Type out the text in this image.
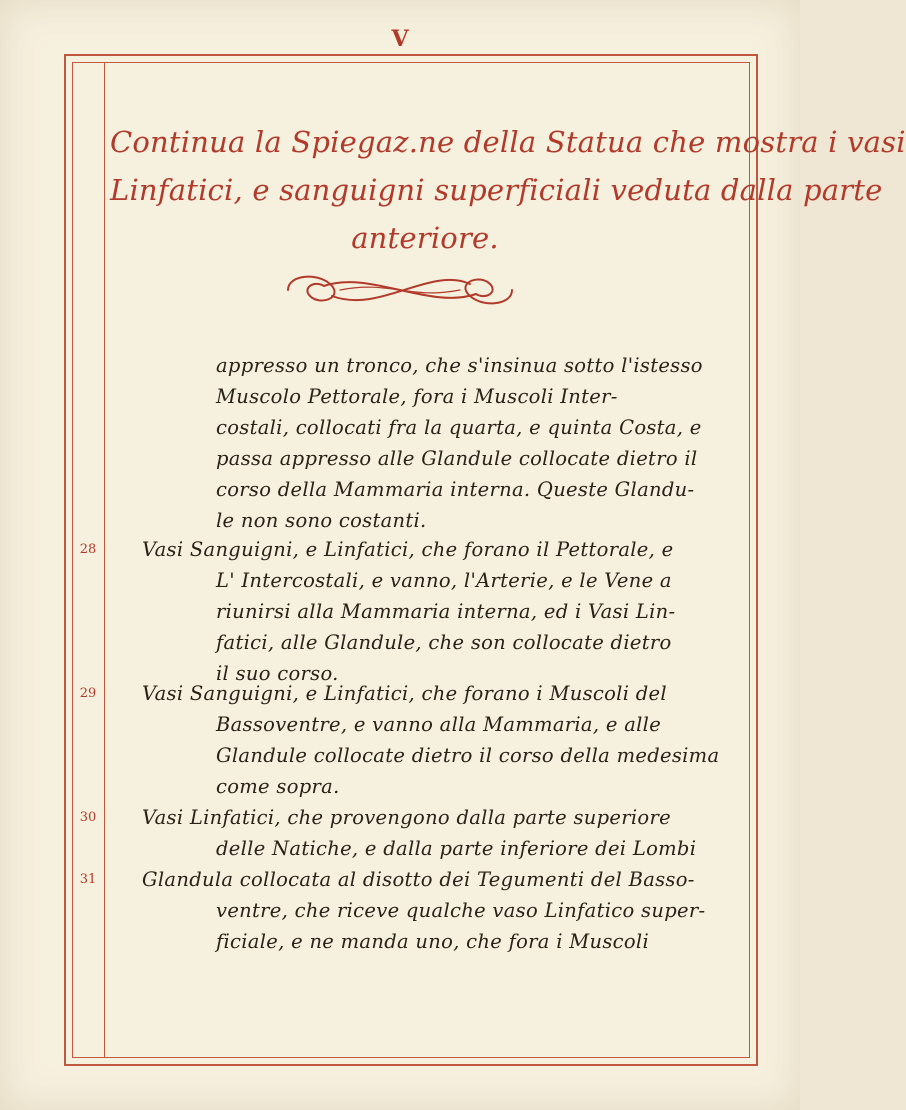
V
Continua la Spiegaz.ne della Statua che mostra i vasi
Linfatici, e sanguigni superficiali veduta dalla parte
anteriore.
appresso un tronco, che s'insinua sotto l'istesso
Muscolo Pettorale, fora i Muscoli Inter-
costali, collocati fra la quarta, e quinta Costa, e
passa appresso alle Glandule collocate dietro il
corso della Mammaria interna. Queste Glandu-
le non sono costanti.
28 Vasi Sanguigni, e Linfatici, che forano il Pettorale, e
L' Intercostali, e vanno, l'Arterie, e le Vene a
riunirsi alla Mammaria interna, ed i Vasi Lin-
fatici, alle Glandule, che son collocate dietro
il suo corso.
29 Vasi Sanguigni, e Linfatici, che forano i Muscoli del
Bassoventre, e vanno alla Mammaria, e alle
Glandule collocate dietro il corso della medesima
come sopra.
30 Vasi Linfatici, che provengono dalla parte superiore
delle Natiche, e dalla parte inferiore dei Lombi
31 Glandula collocata al disotto dei Tegumenti del Basso-
ventre, che riceve qualche vaso Linfatico super-
ficiale, e ne manda uno, che fora i Muscoli
